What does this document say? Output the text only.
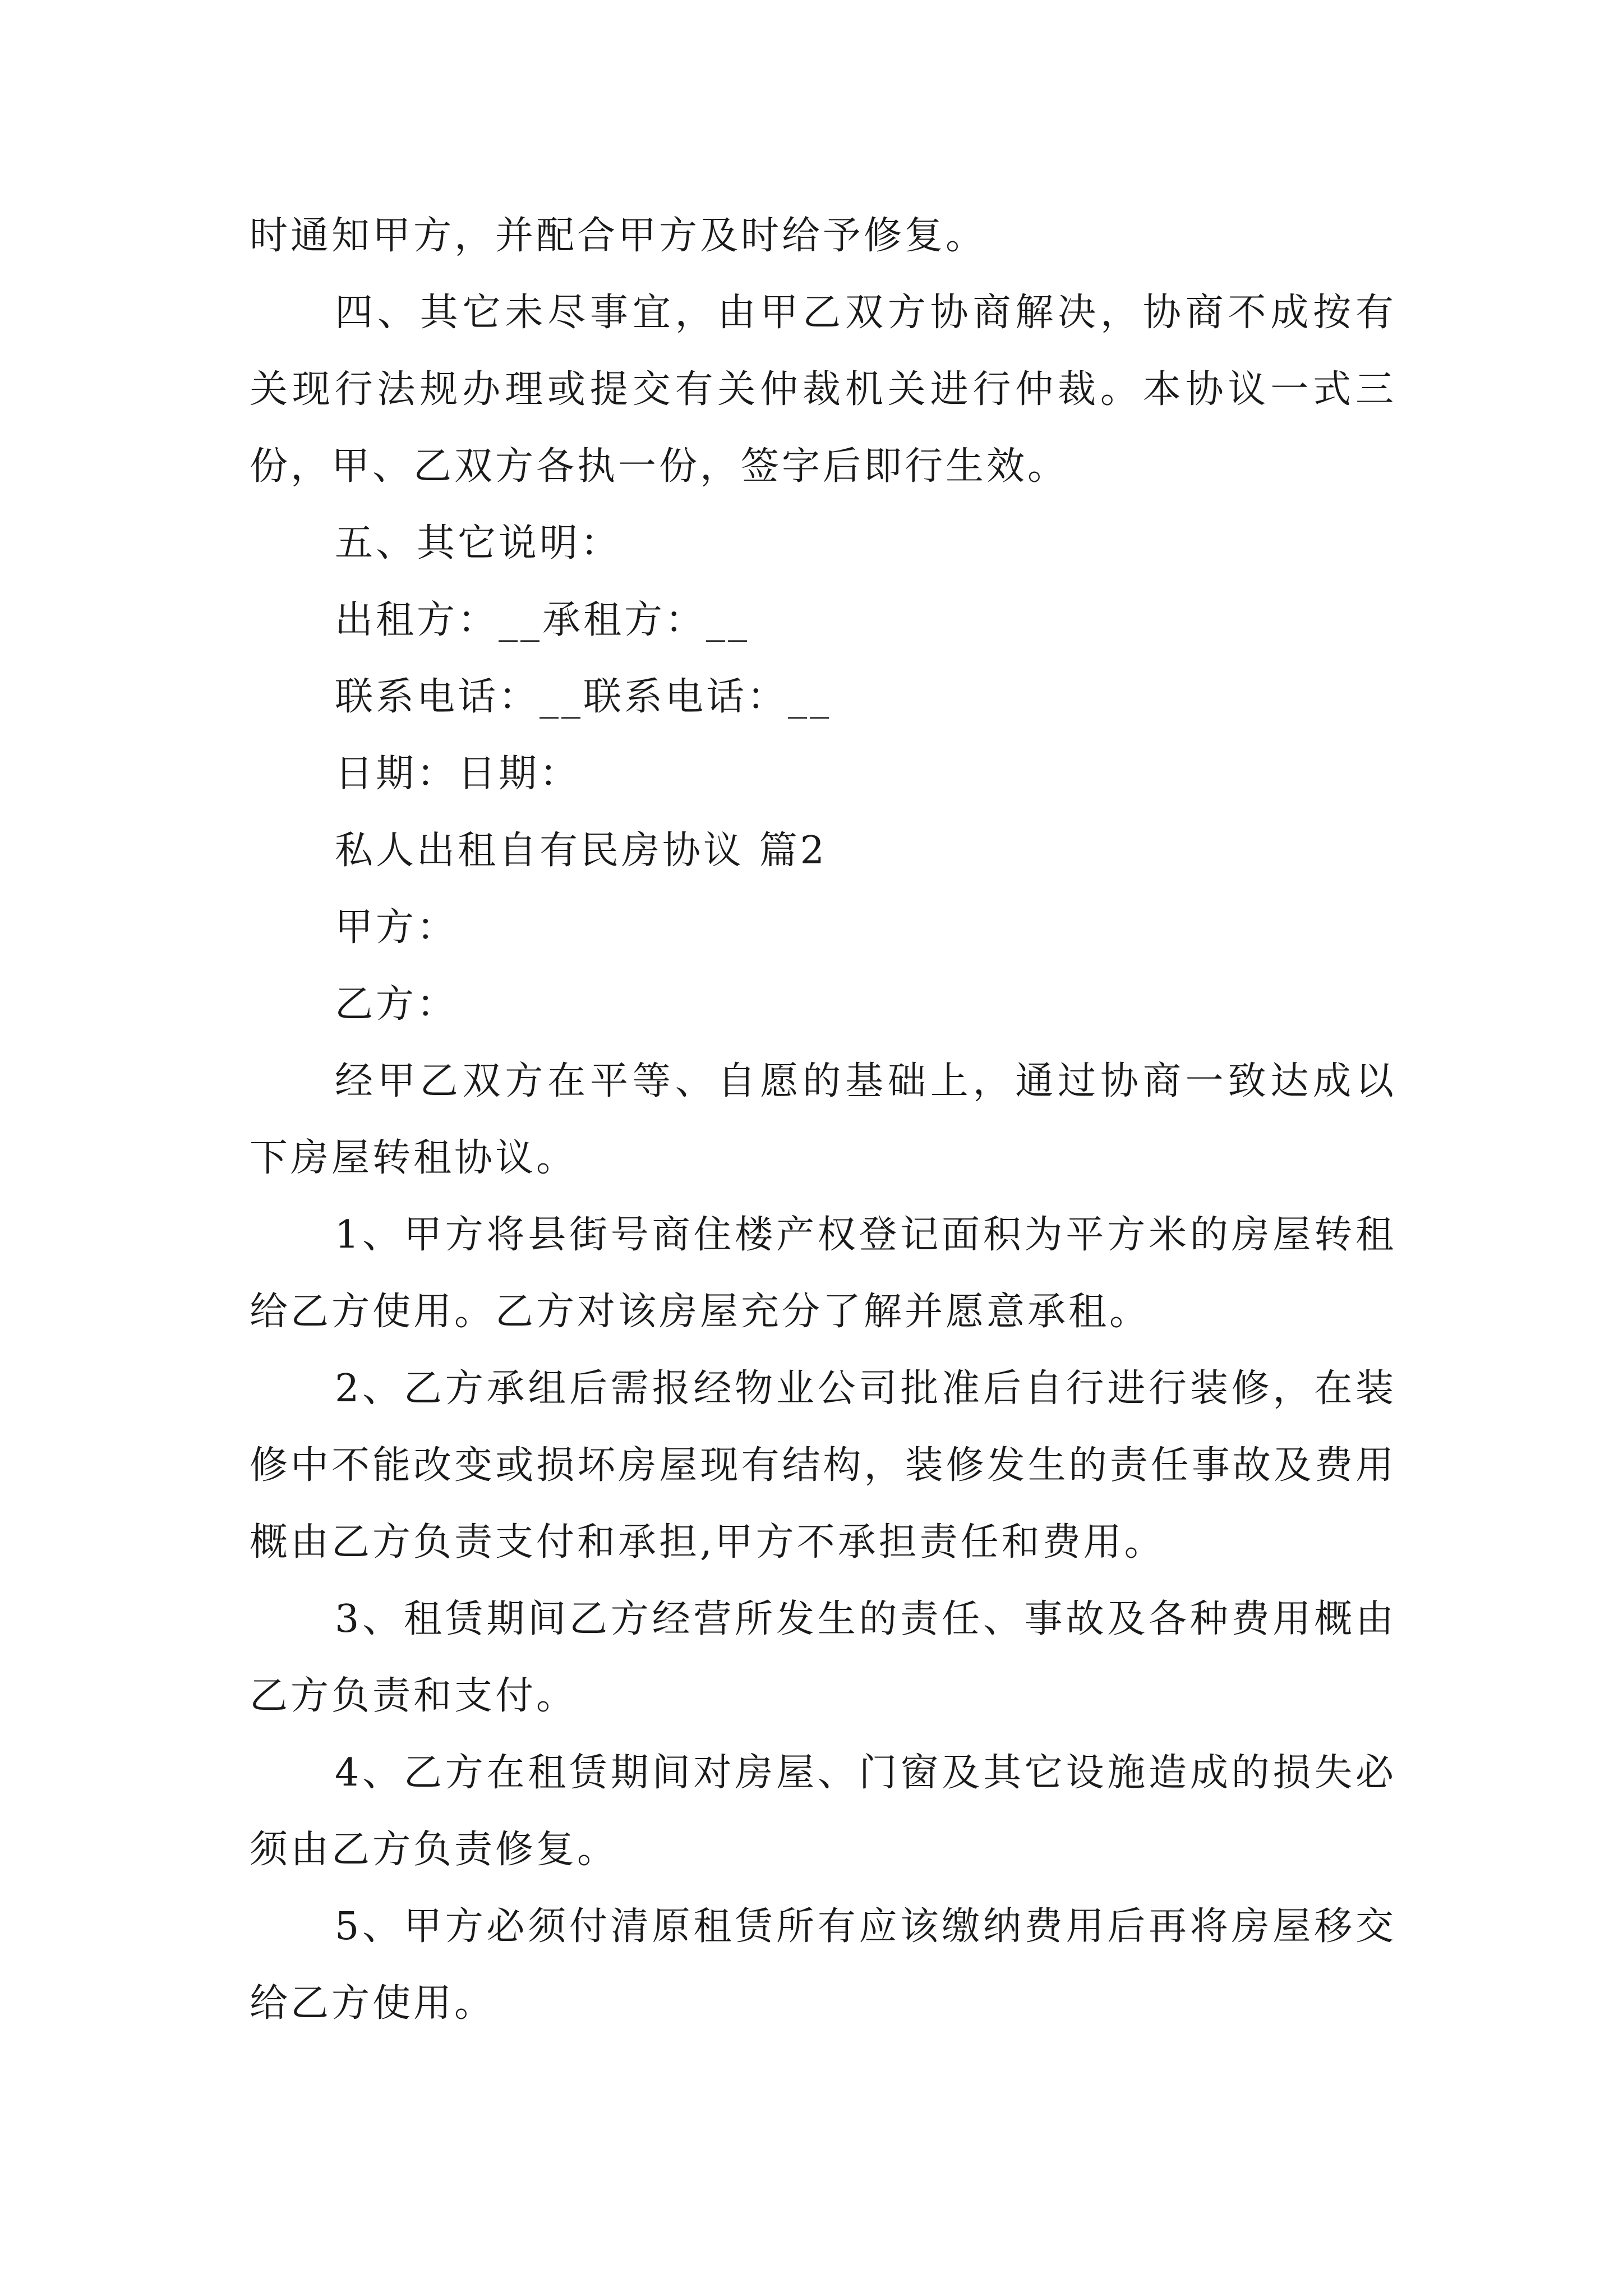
时通知甲方，并配合甲方及时给予修复。

四、其它未尽事宜，由甲乙双方协商解决，协商不成按有关现行法规办理或提交有关仲裁机关进行仲裁。本协议一式三份，甲、乙双方各执一份，签字后即行生效。

五、其它说明：

出租方：__承租方：__

联系电话：__联系电话：__

日期：日期：

私人出租自有民房协议 篇2

甲方：

乙方：

经甲乙双方在平等、自愿的基础上，通过协商一致达成以下房屋转租协议。

1、甲方将县街号商住楼产权登记面积为平方米的房屋转租给乙方使用。乙方对该房屋充分了解并愿意承租。

2、乙方承组后需报经物业公司批准后自行进行装修，在装修中不能改变或损坏房屋现有结构，装修发生的责任事故及费用概由乙方负责支付和承担,甲方不承担责任和费用。

3、租赁期间乙方经营所发生的责任、事故及各种费用概由乙方负责和支付。

4、乙方在租赁期间对房屋、门窗及其它设施造成的损失必须由乙方负责修复。

5、甲方必须付清原租赁所有应该缴纳费用后再将房屋移交给乙方使用。
